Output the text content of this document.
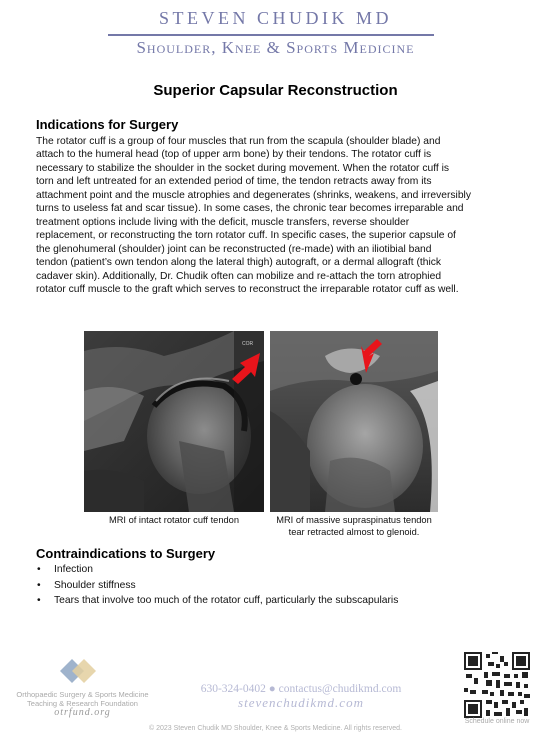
STEVEN CHUDIK MD
Shoulder, Knee & Sports Medicine
Superior Capsular Reconstruction
Indications for Surgery
The rotator cuff is a group of four muscles that run from the scapula (shoulder blade) and
attach to the humeral head (top of upper arm bone) by their tendons. The rotator cuff is
necessary to stabilize the shoulder in the socket during movement. When the rotator cuff is
torn and left untreated for an extended period of time, the tendon retracts away from its
attachment point and the muscle atrophies and degenerates (shrinks, weakens, and irreversibly
turns to useless fat and scar tissue). In some cases, the chronic tear becomes irreparable and
treatment options include living with the deficit, muscle transfers, reverse shoulder
replacement, or reconstructing the torn rotator cuff. In specific cases, the superior capsule of
the glenohumeral (shoulder) joint can be reconstructed (re-made) with an iliotibial band
tendon (patient’s own tendon along the lateral thigh) autograft, or a dermal allograft (thick
cadaver skin). Additionally, Dr. Chudik often can mobilize and re-attach the torn atrophied
rotator cuff muscle to the graft which serves to reconstruct the irreparable rotator cuff as well.
COR
MRI of intact rotator cuff tendon	MRI of massive supraspinatus tendon
tear retracted almost to glenoid.
Contraindications to Surgery
• Infection
• Shoulder stiffness
• Tears that involve too much of the rotator cuff, particularly the subscapularis
Orthopaedic Surgery & Sports Medicine
Teaching & Research Foundation
otrfund.org
630-324-0402 ● contactus@chudikmd.com
stevenchudikmd.com
Schedule online now
© 2023 Steven Chudik MD Shoulder, Knee & Sports Medicine. All rights reserved.
